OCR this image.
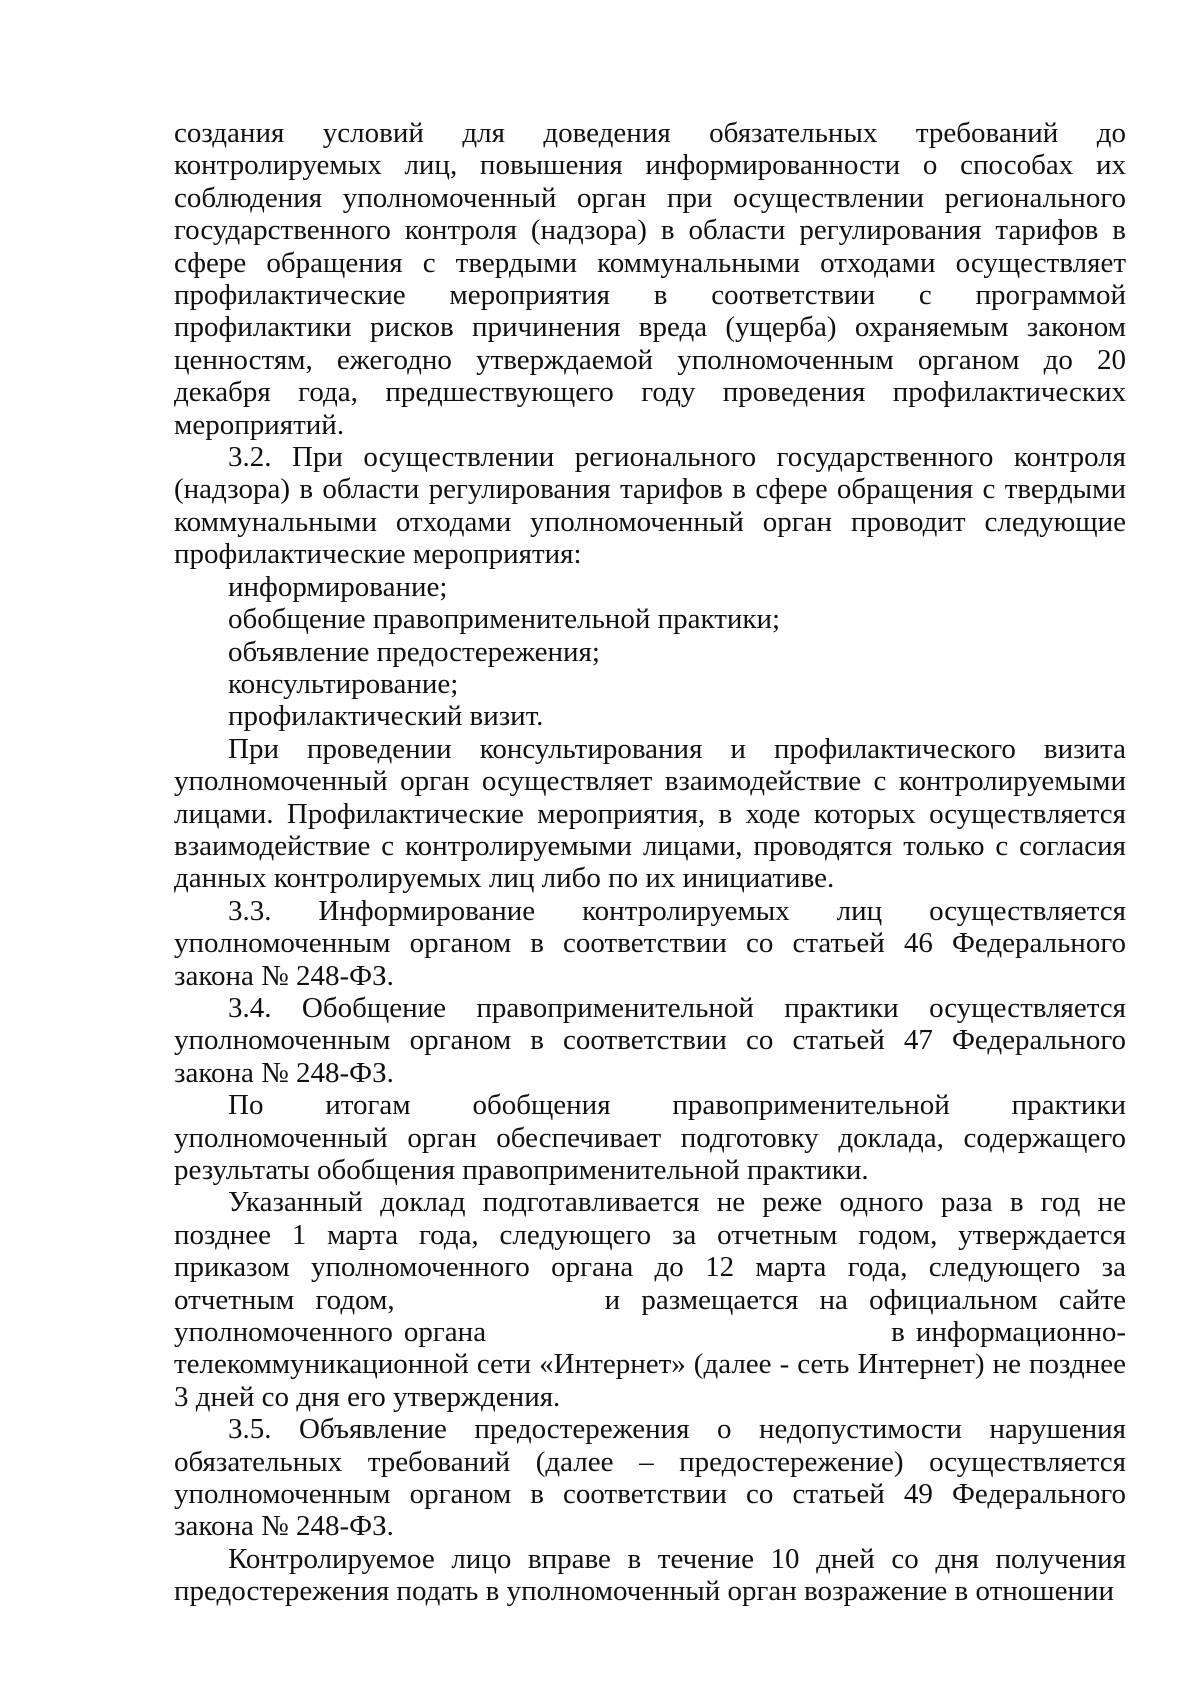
создания условий для доведения обязательных требований до контролируемых лиц, повышения информированности о способах их соблюдения уполномоченный орган при осуществлении регионального государственного контроля (надзора) в области регулирования тарифов в сфере обращения с твердыми коммунальными отходами осуществляет профилактические мероприятия в соответствии с программой профилактики рисков причинения вреда (ущерба) охраняемым законом ценностям, ежегодно утверждаемой уполномоченным органом до 20 декабря года, предшествующего году проведения профилактических мероприятий.

3.2. При осуществлении регионального государственного контроля (надзора) в области регулирования тарифов в сфере обращения с твердыми коммунальными отходами уполномоченный орган проводит следующие профилактические мероприятия:

информирование;

обобщение правоприменительной практики;

объявление предостережения;

консультирование;

профилактический визит.

При проведении консультирования и профилактического визита уполномоченный орган осуществляет взаимодействие с контролируемыми лицами. Профилактические мероприятия, в ходе которых осуществляется взаимодействие с контролируемыми лицами, проводятся только с согласия данных контролируемых лиц либо по их инициативе.

3.3. Информирование контролируемых лиц осуществляется уполномоченным органом в соответствии со статьей 46 Федерального закона № 248-ФЗ.

3.4. Обобщение правоприменительной практики осуществляется уполномоченным органом в соответствии со статьей 47 Федерального закона № 248-ФЗ.

По итогам обобщения правоприменительной практики уполномоченный орган обеспечивает подготовку доклада, содержащего результаты обобщения правоприменительной практики.

Указанный доклад подготавливается не реже одного раза в год не позднее 1 марта года, следующего за отчетным годом, утверждается приказом уполномоченного органа до 12 марта года, следующего за отчетным годом,	и размещается на официальном сайте уполномоченного органа	в информационно-телекоммуникационной сети «Интернет» (далее - сеть Интернет) не позднее 3 дней со дня его утверждения.

3.5. Объявление предостережения о недопустимости нарушения обязательных требований (далее – предостережение) осуществляется уполномоченным органом в соответствии со статьей 49 Федерального закона № 248-ФЗ.

Контролируемое лицо вправе в течение 10 дней со дня получения предостережения подать в уполномоченный орган возражение в отношении
